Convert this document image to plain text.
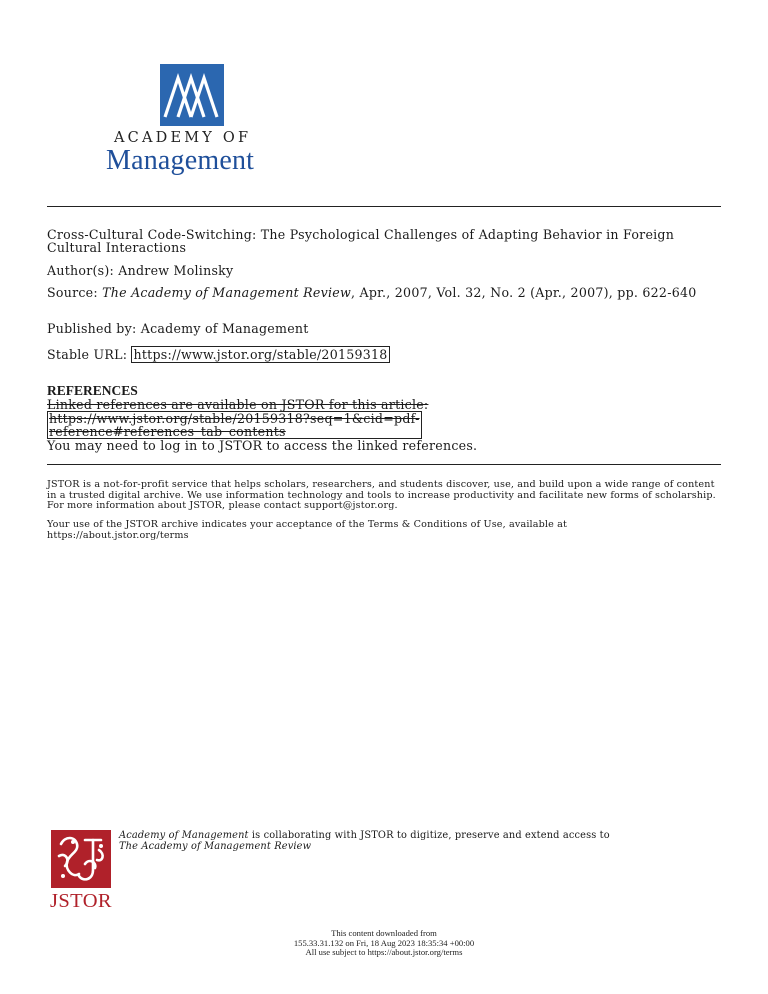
ACADEMY OF
Management
Cross-Cultural Code-Switching: The Psychological Challenges of Adapting Behavior in Foreign Cultural Interactions
Author(s): Andrew Molinsky
Source: The Academy of Management Review, Apr., 2007, Vol. 32, No. 2 (Apr., 2007), pp. 622-640
Published by: Academy of Management
Stable URL: https://www.jstor.org/stable/20159318
REFERENCES
Linked references are available on JSTOR for this article:
https://www.jstor.org/stable/20159318?seq=1&cid=pdf-
reference#references_tab_contents
You may need to log in to JSTOR to access the linked references.
JSTOR is a not-for-profit service that helps scholars, researchers, and students discover, use, and build upon a wide range of content in a trusted digital archive. We use information technology and tools to increase productivity and facilitate new forms of scholarship. For more information about JSTOR, please contact support@jstor.org.
Your use of the JSTOR archive indicates your acceptance of the Terms & Conditions of Use, available at https://about.jstor.org/terms
JSTOR
Academy of Management is collaborating with JSTOR to digitize, preserve and extend access to
The Academy of Management Review
This content downloaded from
155.33.31.132 on Fri, 18 Aug 2023 18:35:34 +00:00
All use subject to https://about.jstor.org/terms
